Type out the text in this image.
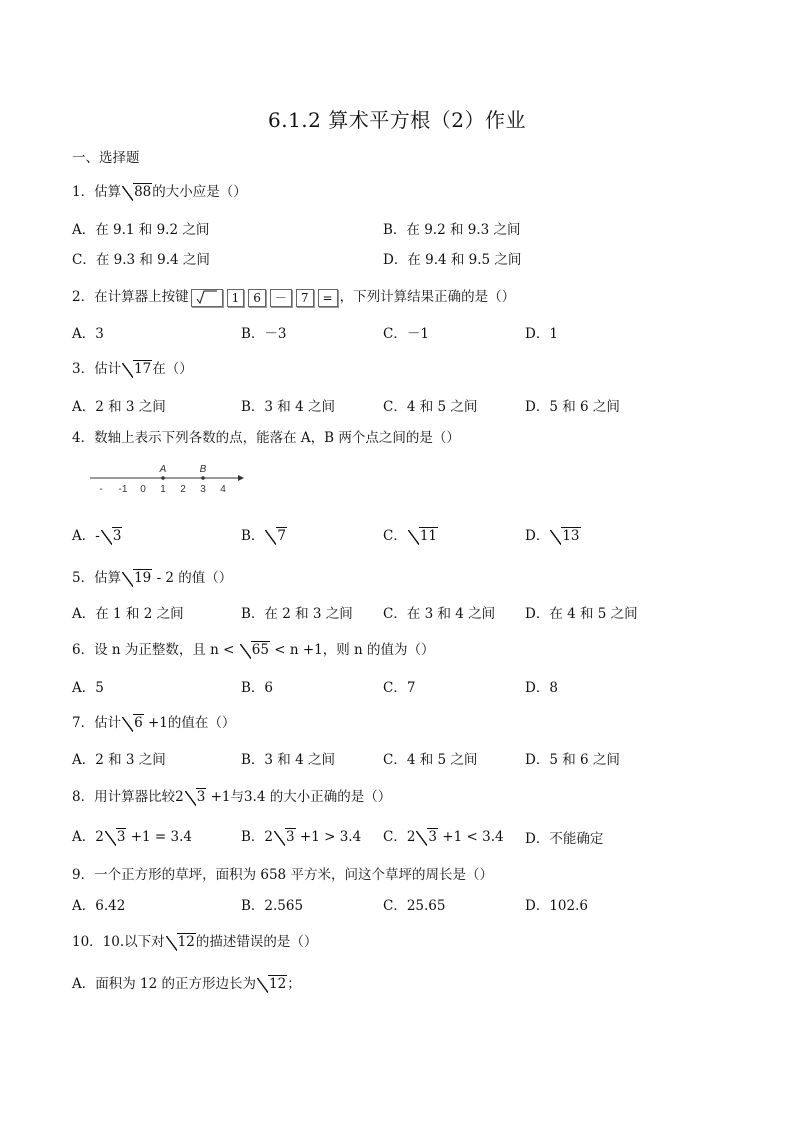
6.1.2 算术平方根（2）作业
一、选择题
1．估算 88的大小应是（）
A．在 9.1 和 9.2 之间	B．在 9.2 和 9.3 之间
C．在 9.3 和 9.4 之间	D．在 9.4 和 9.5 之间
2．在计算器上按键	1 6 － 7 = ，下列计算结果正确的是（）
A．3	B．－3	C．－1	D．1
3．估计 17在（）
A．2 和 3 之间	B．3 和 4 之间	C．4 和 5 之间	D．5 和 6 之间
4．数轴上表示下列各数的点，能落在 A，B 两个点之间的是（）
- -1 0 1 2 3 4
A	B
A．- 3	B． 7	C． 11	D． 13
5．估算 19 - 2 的值（）
A．在 1 和 2 之间	B．在 2 和 3 之间 C．在 3 和 4 之间 D．在 4 和 5 之间
6．设 n 为正整数，且 n < 65 < n +1，则 n 的值为（）
A．5	B．6	C．7	D．8
7．估计 6 +1的值在（）
A．2 和 3 之间	B．3 和 4 之间	C．4 和 5 之间	D．5 和 6 之间
8．用计算器比较2 3 +1与3.4 的大小正确的是（）
A．2 3 +1 = 3.4	B．2 3 +1 > 3.4 C．2 3 +1 < 3.4 D．不能确定
9．一个正方形的草坪，面积为 658 平方米，问这个草坪的周长是（）
A．6.42	B．2.565	C．25.65	D．102.6
10．10.以下对 12的描述错误的是（）
A．面积为 12 的正方形边长为 12；
